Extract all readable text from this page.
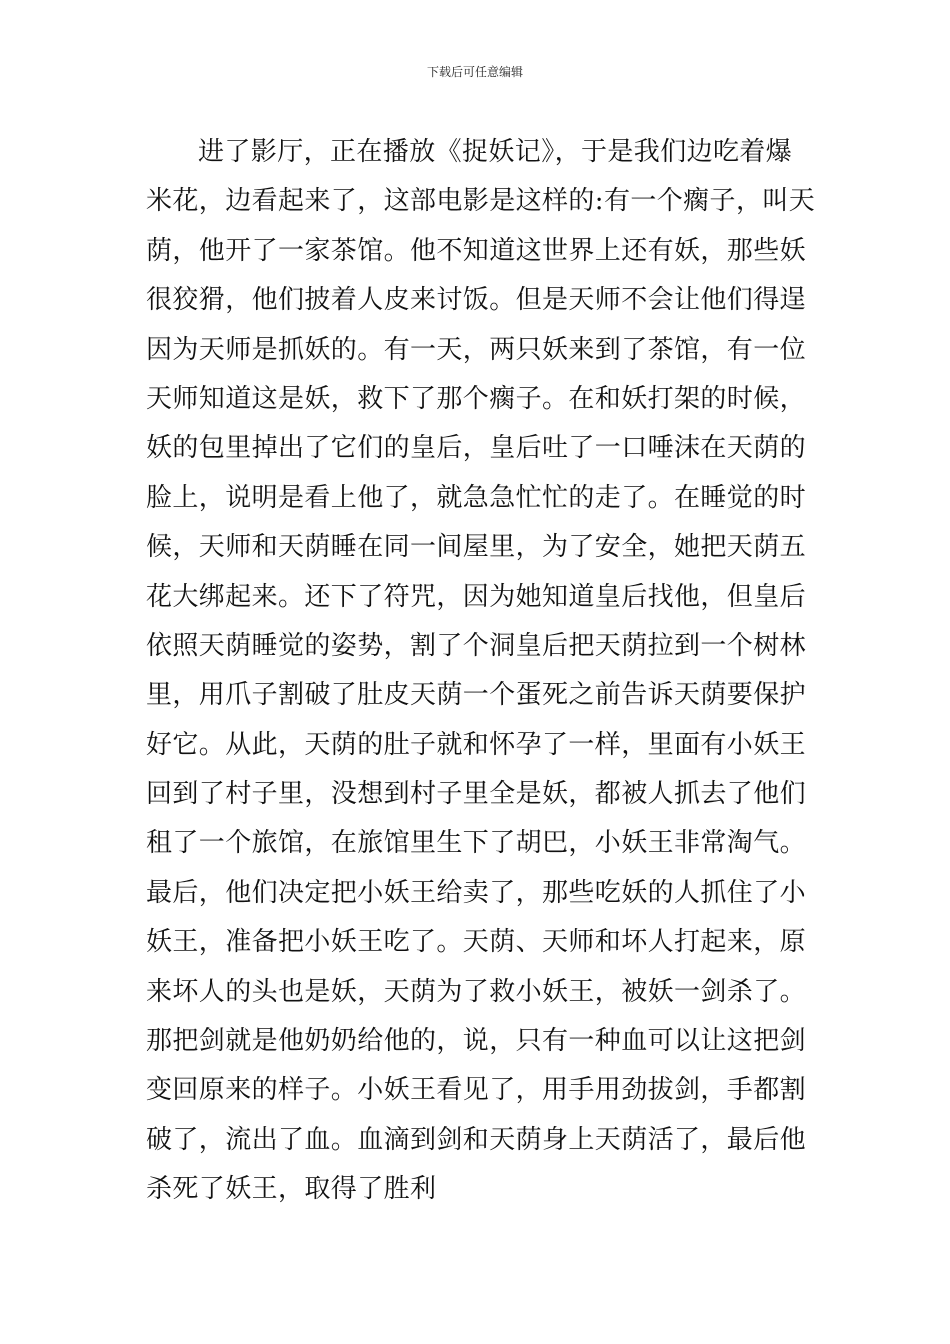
下载后可任意编辑
进了影厅，正在播放《捉妖记》，于是我们边吃着爆
米花，边看起来了，这部电影是这样的:有一个瘸子，叫天
荫，他开了一家茶馆。他不知道这世界上还有妖，那些妖
很狡猾，他们披着人皮来讨饭。但是天师不会让他们得逞
因为天师是抓妖的。有一天，两只妖来到了茶馆，有一位
天师知道这是妖，救下了那个瘸子。在和妖打架的时候，
妖的包里掉出了它们的皇后，皇后吐了一口唾沫在天荫的
脸上，说明是看上他了，就急急忙忙的走了。在睡觉的时
候，天师和天荫睡在同一间屋里，为了安全，她把天荫五
花大绑起来。还下了符咒，因为她知道皇后找他，但皇后
依照天荫睡觉的姿势，割了个洞皇后把天荫拉到一个树林
里，用爪子割破了肚皮天荫一个蛋死之前告诉天荫要保护
好它。从此，天荫的肚子就和怀孕了一样，里面有小妖王
回到了村子里，没想到村子里全是妖，都被人抓去了他们
租了一个旅馆，在旅馆里生下了胡巴，小妖王非常淘气。
最后，他们决定把小妖王给卖了，那些吃妖的人抓住了小
妖王，准备把小妖王吃了。天荫、天师和坏人打起来，原
来坏人的头也是妖，天荫为了救小妖王，被妖一剑杀了。
那把剑就是他奶奶给他的，说，只有一种血可以让这把剑
变回原来的样子。小妖王看见了，用手用劲拔剑，手都割
破了，流出了血。血滴到剑和天荫身上天荫活了，最后他
杀死了妖王，取得了胜利
